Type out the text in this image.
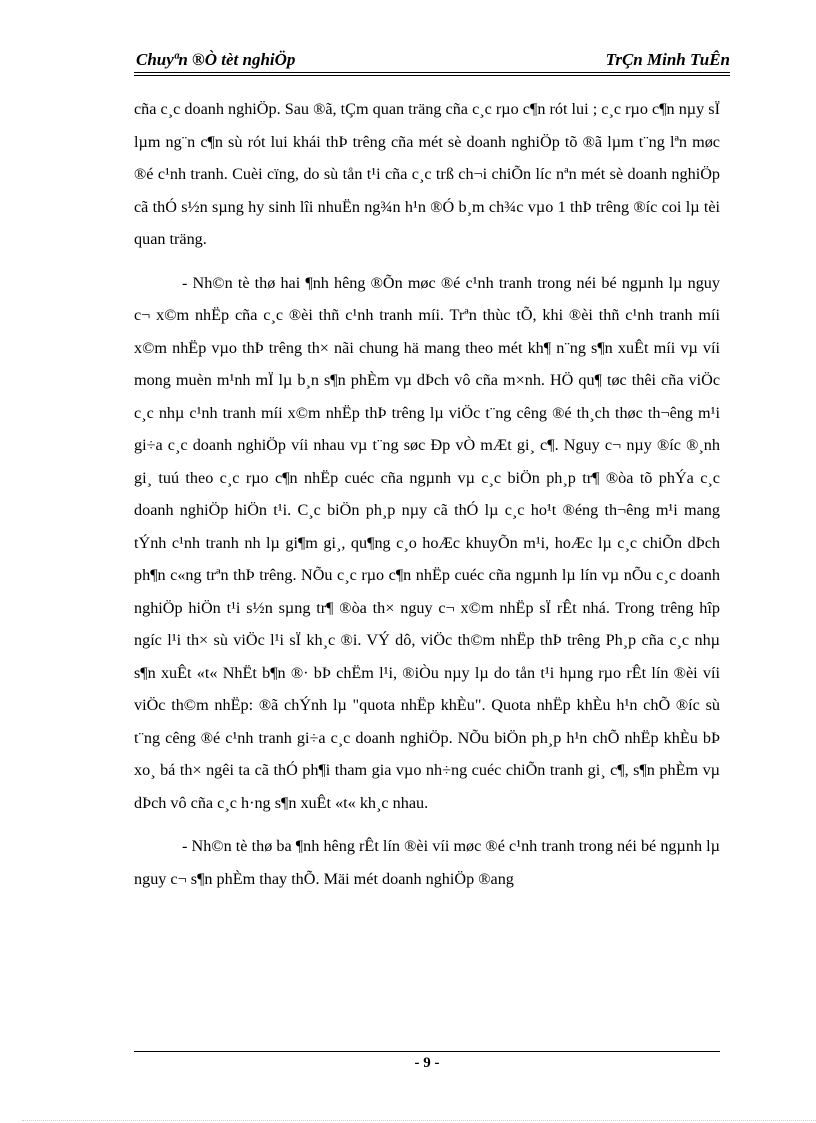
Chuyªn ®Ò tèt nghiÖp	TrÇn Minh TuÊn

cña c¸c doanh nghiÖp. Sau ®ã, tÇm quan träng cña c¸c rµo c¶n rót lui ; c¸c rµo c¶n nµy sÏ lµm ng¨n c¶n sù rót lui khái thÞ trêng cña mét sè doanh nghiÖp tõ ®ã lµm t¨ng lªn møc ®é c¹nh tranh. Cuèi cïng, do sù tån t¹i cña c¸c trß ch¬i chiÕn líc nªn mét sè doanh nghiÖp cã thÓ s½n sµng hy sinh lîi nhuËn ng¾n h¹n ®Ó b¸m ch¾c vµo 1 thÞ trêng ®íc coi lµ tèi quan träng.

- Nh©n tè thø hai ¶nh hêng ®Õn møc ®é c¹nh tranh trong néi bé ngµnh lµ nguy c¬ x©m nhËp cña c¸c ®èi thñ c¹nh tranh míi. Trªn thùc tÕ, khi ®èi thñ c¹nh tranh míi x©m nhËp vµo thÞ trêng th× nãi chung hä mang theo mét kh¶ n¨ng s¶n xuÊt míi vµ víi mong muèn m¹nh mÏ lµ b¸n s¶n phÈm vµ dÞch vô cña m×nh. HÖ qu¶ tøc thêi cña viÖc c¸c nhµ c¹nh tranh míi x©m nhËp thÞ trêng lµ viÖc t¨ng cêng ®é th¸ch thøc th¬êng m¹i gi÷a c¸c doanh nghiÖp víi nhau vµ t¨ng søc Ðp vÒ mÆt gi¸ c¶. Nguy c¬ nµy ®íc ®¸nh gi¸ tuú theo c¸c rµo c¶n nhËp cuéc cña ngµnh vµ c¸c biÖn ph¸p tr¶ ®òa tõ phÝa c¸c doanh nghiÖp hiÖn t¹i. C¸c biÖn ph¸p nµy cã thÓ lµ c¸c ho¹t ®éng th¬êng m¹i mang tÝnh c¹nh tranh nh lµ gi¶m gi¸, qu¶ng c¸o hoÆc khuyÕn m¹i, hoÆc lµ c¸c chiÕn dÞch ph¶n c«ng trªn thÞ trêng. NÕu c¸c rµo c¶n nhËp cuéc cña ngµnh lµ lín vµ nÕu c¸c doanh nghiÖp hiÖn t¹i s½n sµng tr¶ ®òa th× nguy c¬ x©m nhËp sÏ rÊt nhá. Trong trêng hîp ngíc l¹i th× sù viÖc l¹i sÏ kh¸c ®i. VÝ dô, viÖc th©m nhËp thÞ trêng Ph¸p cña c¸c nhµ s¶n xuÊt «t« NhËt b¶n ®· bÞ chËm l¹i, ®iÒu nµy lµ do tån t¹i hµng rµo rÊt lín ®èi víi viÖc th©m nhËp: ®ã chÝnh lµ "quota nhËp khÈu". Quota nhËp khÈu h¹n chÕ ®íc sù t¨ng cêng ®é c¹nh tranh gi÷a c¸c doanh nghiÖp. NÕu biÖn ph¸p h¹n chÕ nhËp khÈu bÞ xo¸ bá th× ngêi ta cã thÓ ph¶i tham gia vµo nh÷ng cuéc chiÕn tranh gi¸ c¶, s¶n phÈm vµ dÞch vô cña c¸c h·ng s¶n xuÊt «t« kh¸c nhau.

- Nh©n tè thø ba ¶nh hêng rÊt lín ®èi víi møc ®é c¹nh tranh trong néi bé ngµnh lµ nguy c¬ s¶n phÈm thay thÕ. Mäi mét doanh nghiÖp ®ang

- 9 -
